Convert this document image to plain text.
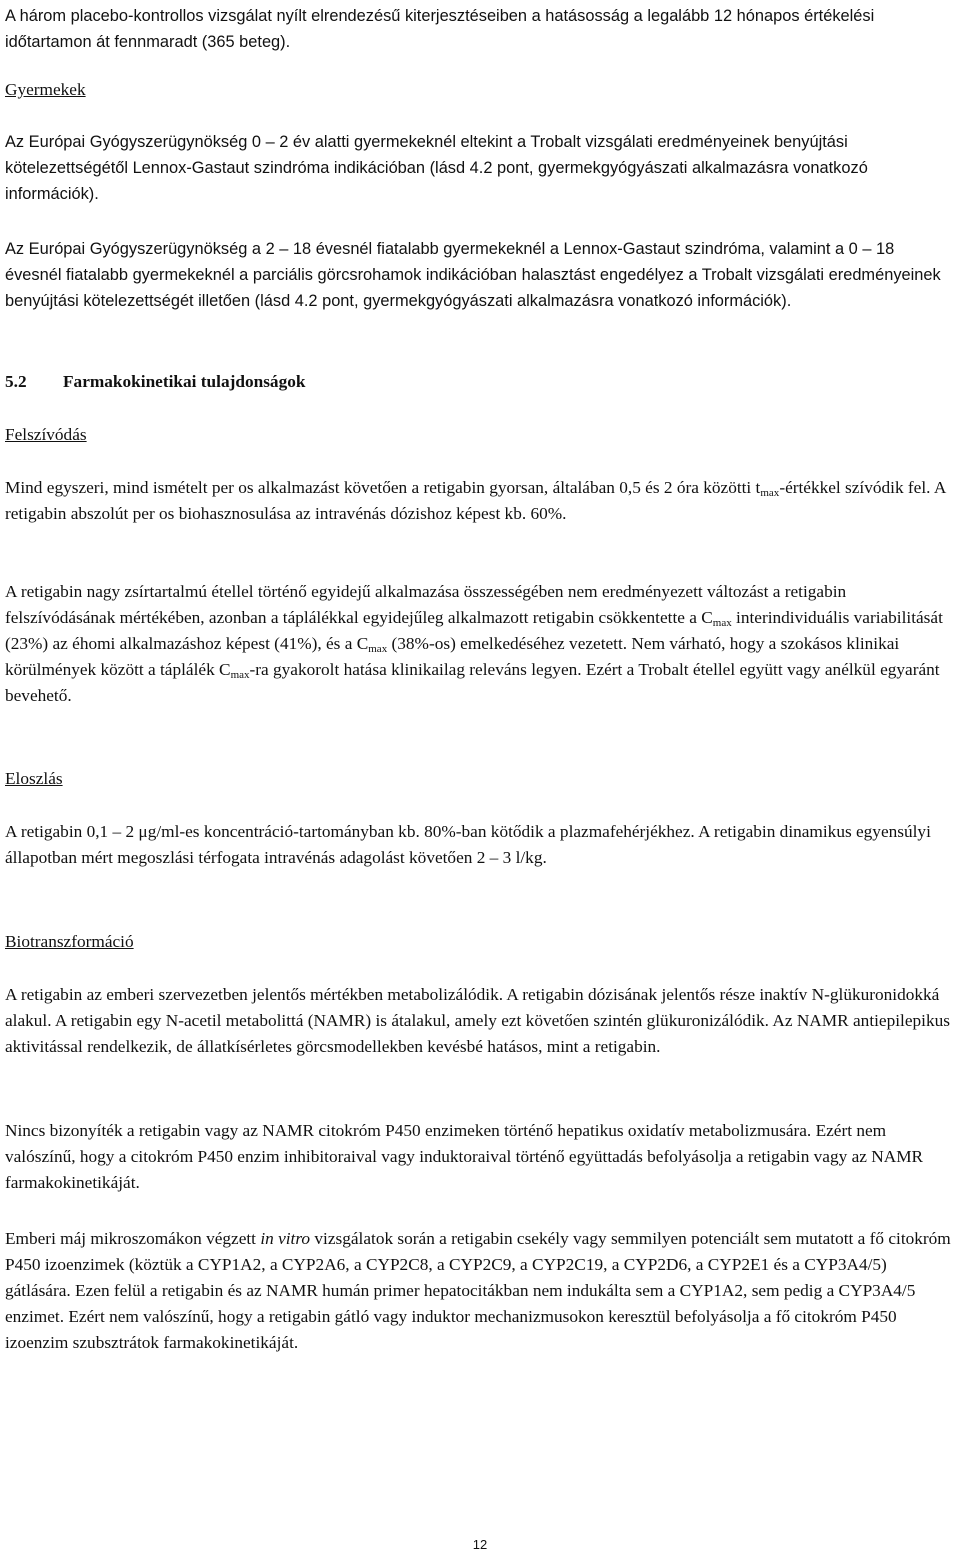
A három placebo-kontrollos vizsgálat nyílt elrendezésű kiterjesztéseiben a hatásosság a legalább 12 hónapos értékelési időtartamon át fennmaradt (365 beteg).

Gyermekek

Az Európai Gyógyszerügynökség 0 – 2 év alatti gyermekeknél eltekint a Trobalt vizsgálati eredményeinek benyújtási kötelezettségétől Lennox-Gastaut szindróma indikációban (lásd 4.2 pont, gyermekgyógyászati alkalmazásra vonatkozó információk).

Az Európai Gyógyszerügynökség a 2 – 18 évesnél fiatalabb gyermekeknél a Lennox-Gastaut szindróma, valamint a 0 – 18 évesnél fiatalabb gyermekeknél a parciális görcsrohamok indikációban halasztást engedélyez a Trobalt vizsgálati eredményeinek benyújtási kötelezettségét illetően (lásd 4.2 pont, gyermekgyógyászati alkalmazásra vonatkozó információk).

5.2 Farmakokinetikai tulajdonságok

Felszívódás

Mind egyszeri, mind ismételt per os alkalmazást követően a retigabin gyorsan, általában 0,5 és 2 óra közötti $t_{max}$-értékkel szívódik fel. A retigabin abszolút per os biohasznosulása az intravénás dózishoz képest kb. 60%.

A retigabin nagy zsírtartalmú étellel történő egyidejű alkalmazása összességében nem eredményezett változást a retigabin felszívódásának mértékében, azonban a táplálékkal egyidejűleg alkalmazott retigabin csökkentette a $C_{max}$ interindividuális variabilitását (23%) az éhomi alkalmazáshoz képest (41%), és a $C_{max}$ (38%-os) emelkedéséhez vezetett. Nem várható, hogy a szokásos klinikai körülmények között a táplálék $C_{max}-ra$ gyakorolt hatása klinikailag releváns legyen. Ezért a Trobalt étellel együtt vagy anélkül egyaránt bevehető.

Eloszlás

A retigabin 0,1 – 2 μg/ml-es koncentráció-tartományban kb. 80%-ban kötődik a plazmafehérjékhez. A retigabin dinamikus egyensúlyi állapotban mért megoszlási térfogata intravénás adagolást követően 2 – 3 l/kg.

Biotranszformáció

A retigabin az emberi szervezetben jelentős mértékben metabolizálódik. A retigabin dózisának jelentős része inaktív N-glükuronidokká alakul. A retigabin egy N-acetil metabolittá (NAMR) is átalakul, amely ezt követően szintén glükuronizálódik. Az NAMR antiepilepikus aktivitással rendelkezik, de állatkísérletes görcsmodellekben kevésbé hatásos, mint a retigabin.

Nincs bizonyíték a retigabin vagy az NAMR citokróm P450 enzimeken történő hepatikus oxidatív metabolizmusára. Ezért nem valószínű, hogy a citokróm P450 enzim inhibitoraival vagy induktoraival történő együttadás befolyásolja a retigabin vagy az NAMR farmakokinetikáját.

Emberi máj mikroszomákon végzett in vitro vizsgálatok során a retigabin csekély vagy semmilyen potenciált sem mutatott a fő citokróm P450 izoenzimek (köztük a CYP1A2, a CYP2A6, a CYP2C8, a CYP2C9, a CYP2C19, a CYP2D6, a CYP2E1 és a CYP3A4/5) gátlására. Ezen felül a retigabin és az NAMR humán primer hepatocitákban nem indukálta sem a CYP1A2, sem pedig a CYP3A4/5 enzimet. Ezért nem valószínű, hogy a retigabin gátló vagy induktor mechanizmusokon keresztül befolyásolja a fő citokróm P450 izoenzim szubsztrátok farmakokinetikáját.

12
